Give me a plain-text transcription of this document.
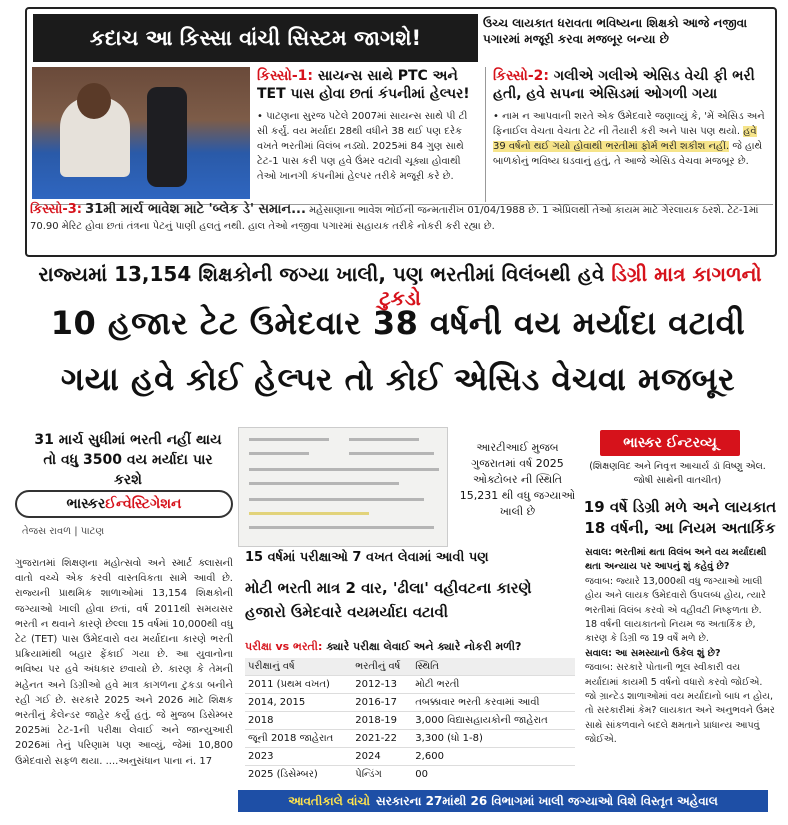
કદાચ આ કિસ્સા વાંચી સિસ્ટમ જાગશે!
ઉચ્ચ લાયકાત ધરાવતા ભવિષ્યના શિક્ષકો આજે નજીવા પગારમાં મજૂરી કરવા મજબૂર બન્યા છે
કિસ્સો-1: સાયન્સ સાથે PTC અને TET પાસ હોવા છતાં કંપનીમાં હેલ્પર!
• પાટણના સુરજ પટેલે 2007માં સાયન્સ સાથે પી ટી સી કર્યું. વય મર્યાદા 28થી વધીને 38 થઈ પણ દરેક વખતે ભરતીમાં વિલંબ નડ્યો. 2025માં 84 ગુણ સાથે ટેટ-1 પાસ કરી પણ હવે ઉંમર વટાવી ચૂક્યા હોવાથી તેઓ ખાનગી કંપનીમાં હેલ્પર તરીકે મજૂરી કરે છે.
કિસ્સો-2: ગલીએ ગલીએ એસિડ વેચી ફી ભરી હતી, હવે સપના એસિડમાં ઓગળી ગયા
• નામ ન આપવાની શરતે એક ઉમેદવારે જણાવ્યું કે, 'મેં એસિડ અને ફિનાઈલ વેચતા વેચતા ટેટ ની તૈયારી કરી અને પાસ પણ થયો. હવે 39 વર્ષનો થઈ ગયો હોવાથી ભરતીમાં ફોર્મ ભરી શકીશ નહીં. જે હાથે બાળકોનું ભવિષ્ય ઘડવાનું હતું, તે આજે એસિડ વેચવા મજબૂર છે.
કિસ્સો-3: 31મી માર્ચ ભાવેશ માટે 'બ્લેક ડે' સમાન... મહેસાણાના ભાવેશ ભોઈની જન્મતારીખ 01/04/1988 છે. 1 એપ્રિલથી તેઓ કાયમ માટે ગેરલાયક ઠરશે. ટેટ-1માં 70.90 મેરિટ હોવા છતાં તંત્રના પેટનું પાણી હલતું નથી. હાલ તેઓ નજીવા પગારમાં સહાયક તરીકે નોકરી કરી રહ્યા છે.
રાજ્યમાં 13,154 શિક્ષકોની જગ્યા ખાલી, પણ ભરતીમાં વિલંબથી હવે ડિગ્રી માત્ર કાગળનો ટુકડો
10 હજાર ટેટ ઉમેદવાર 38 વર્ષની વય મર્યાદા વટાવી
ગયા હવે કોઈ હેલ્પર તો કોઈ એસિડ વેચવા મજબૂર
31 માર્ચ સુધીમાં ભરતી નહીં થાય તો વધુ 3500 વય મર્યાદા પાર કરશે
ભાસ્કર ઈન્વેસ્ટિગેશન
તેજસ રાવળ | પાટણ
ગુજરાતમાં શિક્ષણના મહોત્સવો અને સ્માર્ટ ક્લાસની વાતો વચ્ચે એક કરવી વાસ્તવિકતા સામે આવી છે. રાજ્યની પ્રાથમિક શાળાઓમાં 13,154 શિક્ષકોની જગ્યાઓ ખાલી હોવા છતાં, વર્ષ 2011થી સમયસર ભરતી ન થવાને કારણે છેલ્લા 15 વર્ષમાં 10,000થી વધુ ટેટ (TET) પાસ ઉમેદવારો વય મર્યાદાના કારણે ભરતી પ્રક્રિયામાંથી બહાર ફેંકાઈ ગયા છે. આ યુવાનોના ભવિષ્ય પર હવે અંધકાર છવાયો છે. કારણ કે તેમની મહેનત અને ડિગ્રીઓ હવે માત્ર કાગળના ટુકડા બનીને રહી ગઈ છે. સરકારે 2025 અને 2026 માટે શિક્ષક ભરતીનું કેલેન્ડર જાહેર કર્યું હતું. જે મુજબ ડિસેમ્બર 2025માં ટેટ-1ની પરીક્ષા લેવાઈ અને જાન્યુઆરી 2026માં તેનું પરિણામ પણ આવ્યું, જેમાં 10,800 ઉમેદવારો સફળ થયા. ....અનુસંધાન પાના નં. 17
આરટીઆઈ મુજબ ગુજરાતમાં વર્ષ 2025 ઓક્ટોબર ની સ્થિતિ 15,231 થી વધુ જગ્યાઓ ખાલી છે
ભાસ્કર ઈન્ટરવ્યૂ
(શિક્ષણવિદ અને નિવૃત્ત આચાર્ય ડૉ વિષ્ણુ એલ. જોષી સાથેની વાતચીત)
19 વર્ષે ડિગ્રી મળે અને લાયકાત 18 વર્ષની, આ નિયમ અતાર્કિક

સવાલ: ભરતીમાં થતા વિલંબ અને વય મર્યાદાથી થતા અન્યાય પર આપનું શું કહેવું છે?

જવાબ: જ્યારે 13,000થી વધુ જગ્યાઓ ખાલી હોય અને લાયક ઉમેદવારો ઉપલબ્ધ હોય, ત્યારે ભરતીમાં વિલંબ કરવો એ વહીવટી નિષ્ફળતા છે. 18 વર્ષની લાયકાતનો નિયમ જ અતાર્કિક છે, કારણ કે ડિગ્રી જ 19 વર્ષે મળે છે.

સવાલ: આ સમસ્યાનો ઉકેલ શું છે?

જવાબ: સરકારે પોતાની ભૂલ સ્વીકારી વય મર્યાદામાં કાયમી 5 વર્ષનો વધારો કરવો જોઈએ. જો ગ્રાન્ટેડ શાળાઓમાં વય મર્યાદાનો બાધ ન હોય, તો સરકારીમાં કેમ? લાયકાત અને અનુભવને ઉંમર સાથે સાંકળવાને બદલે ક્ષમતાને પ્રાધાન્ય આપવું જોઈએ.

15 વર્ષમાં પરીક્ષાઓ 7 વખત લેવામાં આવી પણ
મોટી ભરતી માત્ર 2 વાર, 'ઢીલા' વહીવટના કારણે હજારો ઉમેદવારે વયમર્યાદા વટાવી
પરીક્ષા vs ભરતી: ક્યારે પરીક્ષા લેવાઈ અને ક્યારે નોકરી મળી?
પરીક્ષાનું વર્ષ	ભરતીનું વર્ષ	સ્થિતિ
2011 (પ્રથમ વખત)	2012-13	મોટી ભરતી
2014, 2015	2016-17	તબક્કાવાર ભરતી કરવામાં આવી
2018	2018-19	3,000 વિદ્યાસહાયકોની જાહેરાત
જૂની 2018 જાહેરાત	2021-22	3,300 (ધો 1-8)
2023	2024	2,600
2025 (ડિસેમ્બર)	પેન્ડિંગ	00
આવતીકાલે વાંચો સરકારના 27માંથી 26 વિભાગમાં ખાલી જગ્યાઓ વિશે વિસ્તૃત અહેવાલ
